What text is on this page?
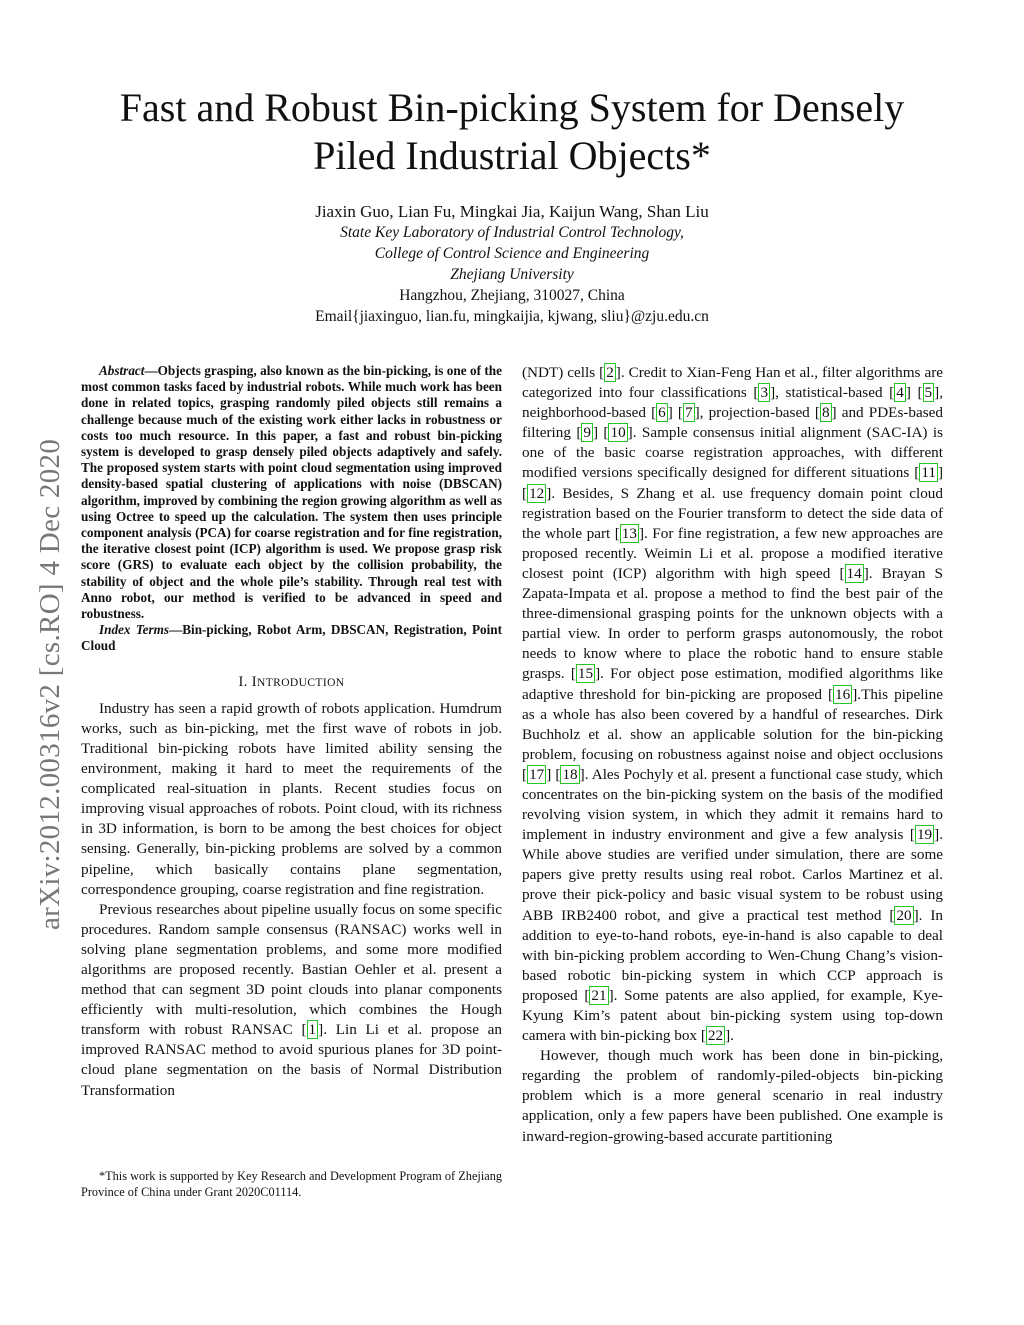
Fast and Robust Bin-picking System for Densely
Piled Industrial Objects*
Jiaxin Guo, Lian Fu, Mingkai Jia, Kaijun Wang, Shan Liu
State Key Laboratory of Industrial Control Technology,
College of Control Science and Engineering
Zhejiang University
Hangzhou, Zhejiang, 310027, China
Email{jiaxinguo, lian.fu, mingkaijia, kjwang, sliu}@zju.edu.cn
arXiv:2012.00316v2 [cs.RO] 4 Dec 2020

Abstract—Objects grasping, also known as the bin-picking, is one of the most common tasks faced by industrial robots. While much work has been done in related topics, grasping randomly piled objects still remains a challenge because much of the existing work either lacks in robustness or costs too much resource. In this paper, a fast and robust bin-picking system is developed to grasp densely piled objects adaptively and safely. The proposed system starts with point cloud segmentation using improved density-based spatial clustering of applications with noise (DBSCAN) algorithm, improved by combining the region growing algorithm as well as using Octree to speed up the calculation. The system then uses principle component analysis (PCA) for coarse registration and for fine registration, the iterative closest point (ICP) algorithm is used. We propose grasp risk score (GRS) to evaluate each object by the collision probability, the stability of object and the whole pile’s stability. Through real test with Anno robot, our method is verified to be advanced in speed and robustness.

Index Terms—Bin-picking, Robot Arm, DBSCAN, Registration, Point Cloud

I. INTRODUCTION

Industry has seen a rapid growth of robots application. Humdrum works, such as bin-picking, met the first wave of robots in job. Traditional bin-picking robots have limited ability sensing the environment, making it hard to meet the requirements of the complicated real-situation in plants. Recent studies focus on improving visual approaches of robots. Point cloud, with its richness in 3D information, is born to be among the best choices for object sensing. Generally, bin-picking problems are solved by a common pipeline, which basically contains plane segmentation, correspondence grouping, coarse registration and fine registration.

Previous researches about pipeline usually focus on some specific procedures. Random sample consensus (RANSAC) works well in solving plane segmentation problems, and some more modified algorithms are proposed recently. Bastian Oehler et al. present a method that can segment 3D point clouds into planar components efficiently with multi-resolution, which combines the Hough transform with robust RANSAC [ 1 ]. Lin Li et al. propose an improved RANSAC method to avoid spurious planes for 3D point-cloud plane segmentation on the basis of Normal Distribution Transformation

*This work is supported by Key Research and Development Program of Zhejiang Province of China under Grant 2020C01114.

(NDT) cells [ 2 ]. Credit to Xian-Feng Han et al., filter algorithms are categorized into four classifications [ 3 ], statistical-based [ 4 ] [ 5 ], neighborhood-based [ 6 ] [ 7 ], projection-based [ 8 ] and PDEs-based filtering [ 9 ] [ 10 ]. Sample consensus initial alignment (SAC-IA) is one of the basic coarse registration approaches, with different modified versions specifically designed for different situations [ 11 ] [ 12 ]. Besides, S Zhang et al. use frequency domain point cloud registration based on the Fourier transform to detect the side data of the whole part [ 13 ]. For fine registration, a few new approaches are proposed recently. Weimin Li et al. propose a modified iterative closest point (ICP) algorithm with high speed [ 14 ]. Brayan S Zapata-Impata et al. propose a method to find the best pair of the three-dimensional grasping points for the unknown objects with a partial view. In order to perform grasps autonomously, the robot needs to know where to place the robotic hand to ensure stable grasps. [ 15 ]. For object pose estimation, modified algorithms like adaptive threshold for bin-picking are proposed [ 16 ].This pipeline as a whole has also been covered by a handful of researches. Dirk Buchholz et al. show an applicable solution for the bin-picking problem, focusing on robustness against noise and object occlusions [ 17 ] [ 18 ]. Ales Pochyly et al. present a functional case study, which concentrates on the bin-picking system on the basis of the modified revolving vision system, in which they admit it remains hard to implement in industry environment and give a few analysis [ 19 ]. While above studies are verified under simulation, there are some papers give pretty results using real robot. Carlos Martinez et al. prove their pick-policy and basic visual system to be robust using ABB IRB2400 robot, and give a practical test method [ 20 ]. In addition to eye-to-hand robots, eye-in-hand is also capable to deal with bin-picking problem according to Wen-Chung Chang’s vision-based robotic bin-picking system in which CCP approach is proposed [ 21 ]. Some patents are also applied, for example, Kye-Kyung Kim’s patent about bin-picking system using top-down camera with bin-picking box [ 22 ].

However, though much work has been done in bin-picking, regarding the problem of randomly-piled-objects bin-picking problem which is a more general scenario in real industry application, only a few papers have been published. One example is inward-region-growing-based accurate partitioning
